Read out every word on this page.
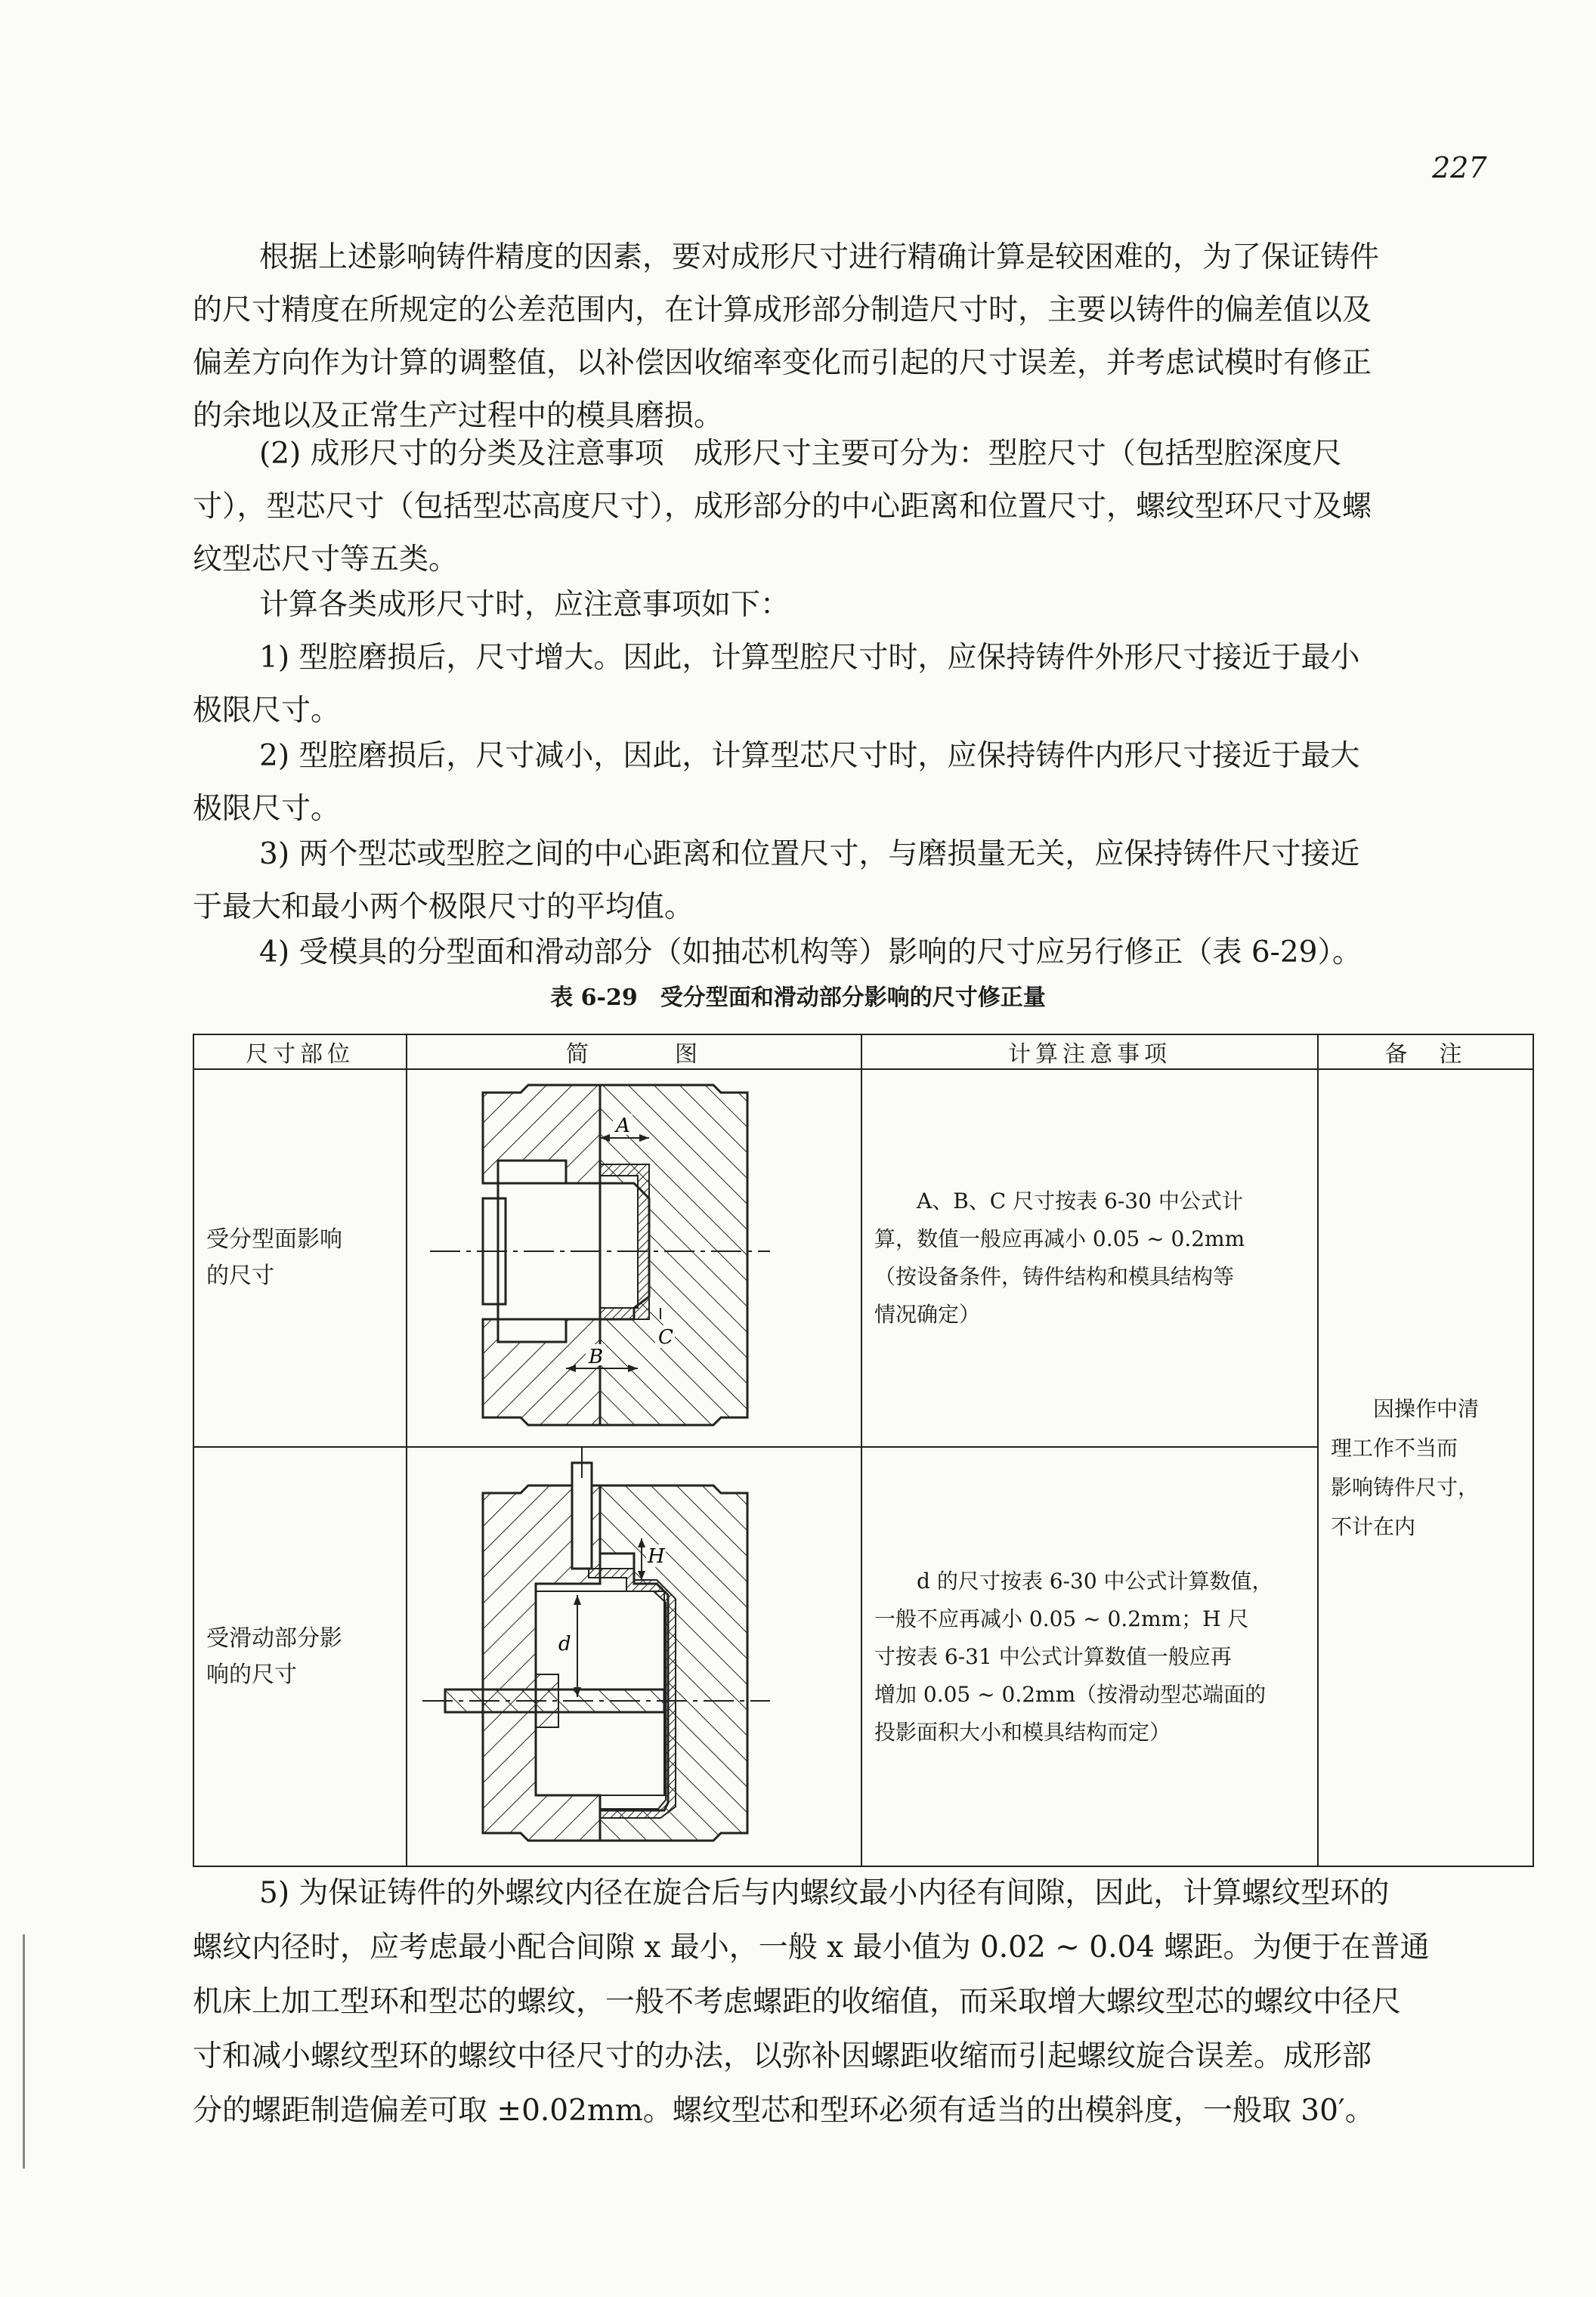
227
根据上述影响铸件精度的因素，要对成形尺寸进行精确计算是较困难的，为了保证铸件
的尺寸精度在所规定的公差范围内，在计算成形部分制造尺寸时，主要以铸件的偏差值以及
偏差方向作为计算的调整值，以补偿因收缩率变化而引起的尺寸误差，并考虑试模时有修正
的余地以及正常生产过程中的模具磨损。
(2) 成形尺寸的分类及注意事项　成形尺寸主要可分为：型腔尺寸（包括型腔深度尺
寸），型芯尺寸（包括型芯高度尺寸），成形部分的中心距离和位置尺寸，螺纹型环尺寸及螺
纹型芯尺寸等五类。
计算各类成形尺寸时，应注意事项如下：
1) 型腔磨损后，尺寸增大。因此，计算型腔尺寸时，应保持铸件外形尺寸接近于最小
极限尺寸。
2) 型腔磨损后，尺寸减小，因此，计算型芯尺寸时，应保持铸件内形尺寸接近于最大
极限尺寸。
3) 两个型芯或型腔之间的中心距离和位置尺寸，与磨损量无关，应保持铸件尺寸接近
于最大和最小两个极限尺寸的平均值。
4) 受模具的分型面和滑动部分（如抽芯机构等）影响的尺寸应另行修正（表 6-29）。
表 6-29　受分型面和滑动部分影响的尺寸修正量
尺寸部位	简　　　图	计算注意事项	备　注

受分型面影响
的尺寸	A
B
C	A、B、C 尺寸按表 6-30 中公式计
算，数值一般应再减小 0.05 ~ 0.2mm
（按设备条件，铸件结构和模具结构等
情况确定）	因操作中清
理工作不当而
影响铸件尺寸，
不计在内

受滑动部分影
响的尺寸	d
H	d 的尺寸按表 6-30 中公式计算数值，
一般不应再减小 0.05 ~ 0.2mm；H 尺
寸按表 6-31 中公式计算数值一般应再
增加 0.05 ~ 0.2mm（按滑动型芯端面的
投影面积大小和模具结构而定）	
5) 为保证铸件的外螺纹内径在旋合后与内螺纹最小内径有间隙，因此，计算螺纹型环的
螺纹内径时，应考虑最小配合间隙 x 最小，一般 x 最小值为 0.02 ~ 0.04 螺距。为便于在普通
机床上加工型环和型芯的螺纹，一般不考虑螺距的收缩值，而采取增大螺纹型芯的螺纹中径尺
寸和减小螺纹型环的螺纹中径尺寸的办法，以弥补因螺距收缩而引起螺纹旋合误差。成形部
分的螺距制造偏差可取 ±0.02mm。螺纹型芯和型环必须有适当的出模斜度，一般取 30′。
